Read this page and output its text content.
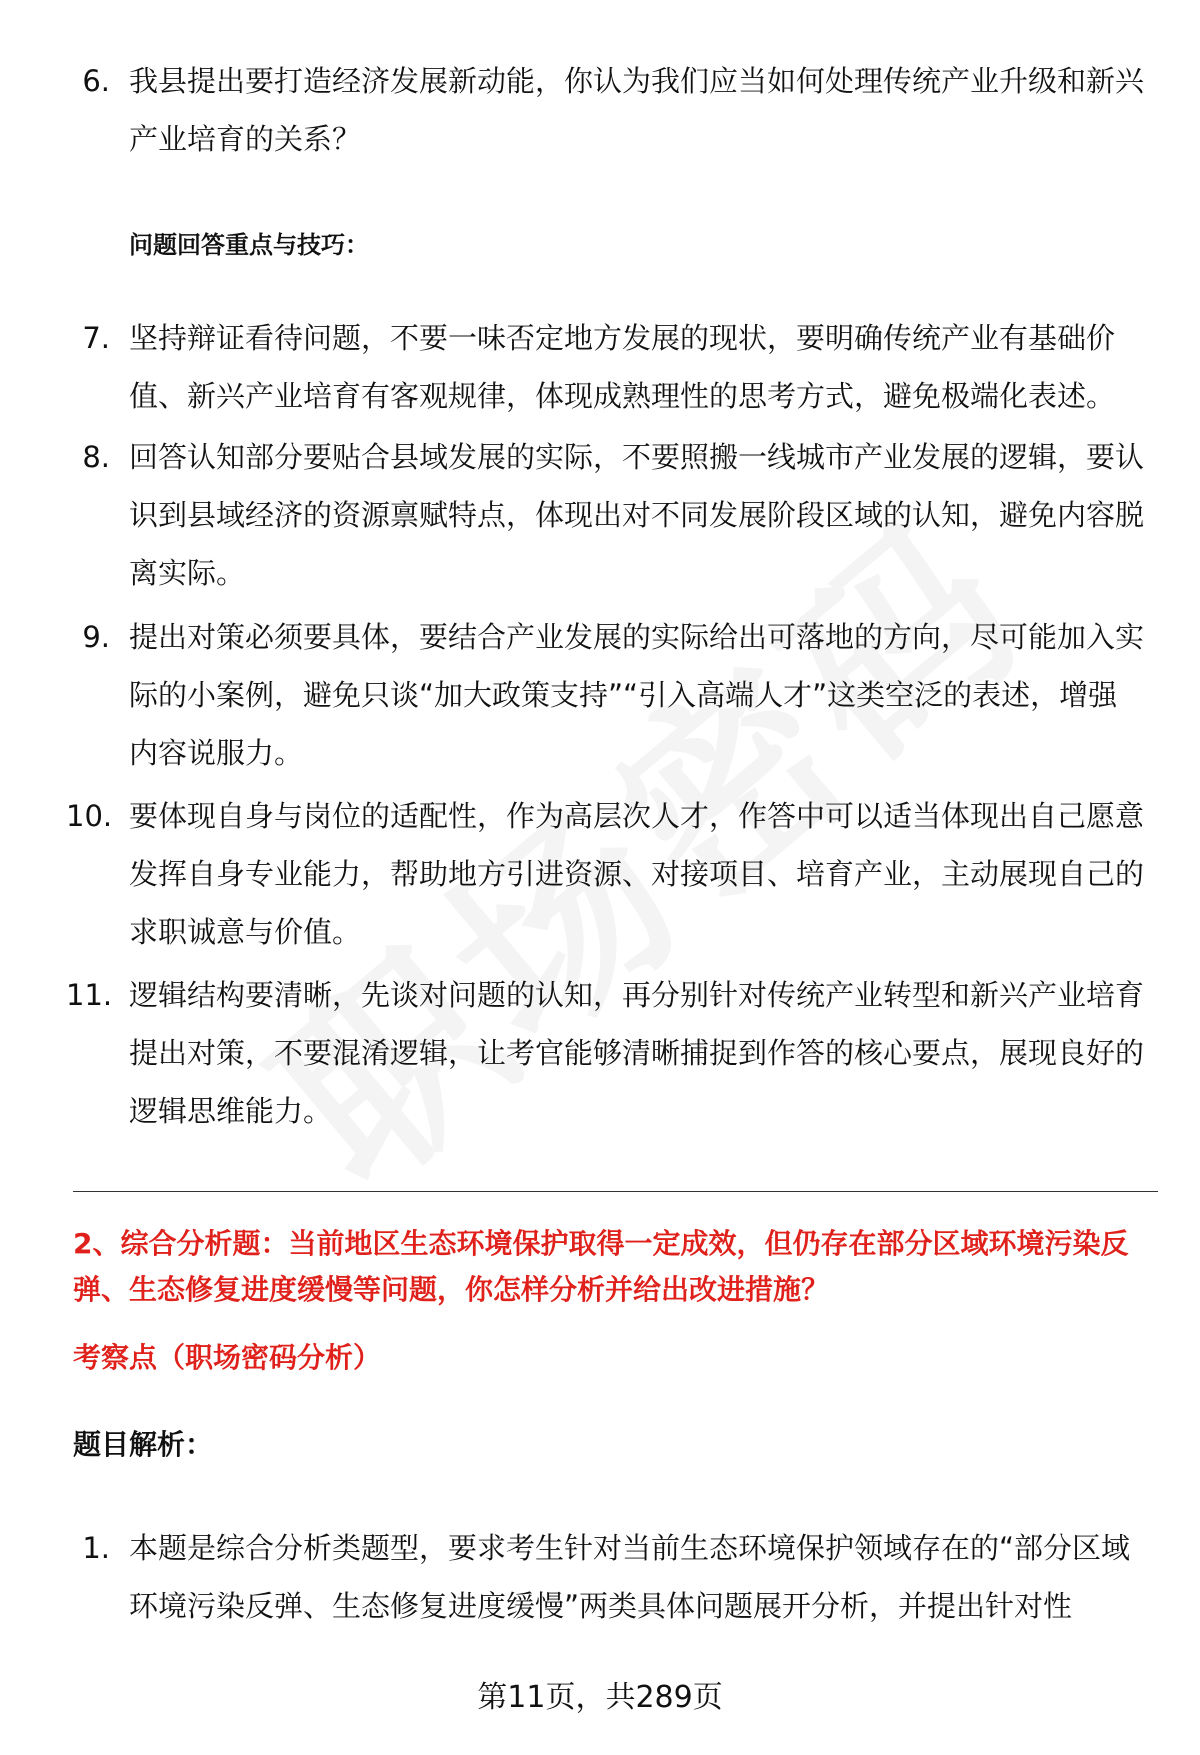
6. 我县提出要打造经济发展新动能，你认为我们应当如何处理传统产业升级和新兴产业培育的关系？
问题回答重点与技巧：
7. 坚持辩证看待问题，不要一味否定地方发展的现状，要明确传统产业有基础价值、新兴产业培育有客观规律，体现成熟理性的思考方式，避免极端化表述。
8. 回答认知部分要贴合县域发展的实际，不要照搬一线城市产业发展的逻辑，要认识到县域经济的资源禀赋特点，体现出对不同发展阶段区域的认知，避免内容脱离实际。
9. 提出对策必须要具体，要结合产业发展的实际给出可落地的方向，尽可能加入实际的小案例，避免只谈“加大政策支持”“引入高端人才”这类空泛的表述，增强内容说服力。
10. 要体现自身与岗位的适配性，作为高层次人才，作答中可以适当体现出自己愿意发挥自身专业能力，帮助地方引进资源、对接项目、培育产业，主动展现自己的求职诚意与价值。
11. 逻辑结构要清晰，先谈对问题的认知，再分别针对传统产业转型和新兴产业培育提出对策，不要混淆逻辑，让考官能够清晰捕捉到作答的核心要点，展现良好的逻辑思维能力。
2、综合分析题：当前地区生态环境保护取得一定成效，但仍存在部分区域环境污染反弹、生态修复进度缓慢等问题，你怎样分析并给出改进措施？
考察点（职场密码分析）
题目解析：
1. 本题是综合分析类题型，要求考生针对当前生态环境保护领域存在的“部分区域环境污染反弹、生态修复进度缓慢”两类具体问题展开分析，并提出针对性
第11页，共289页
